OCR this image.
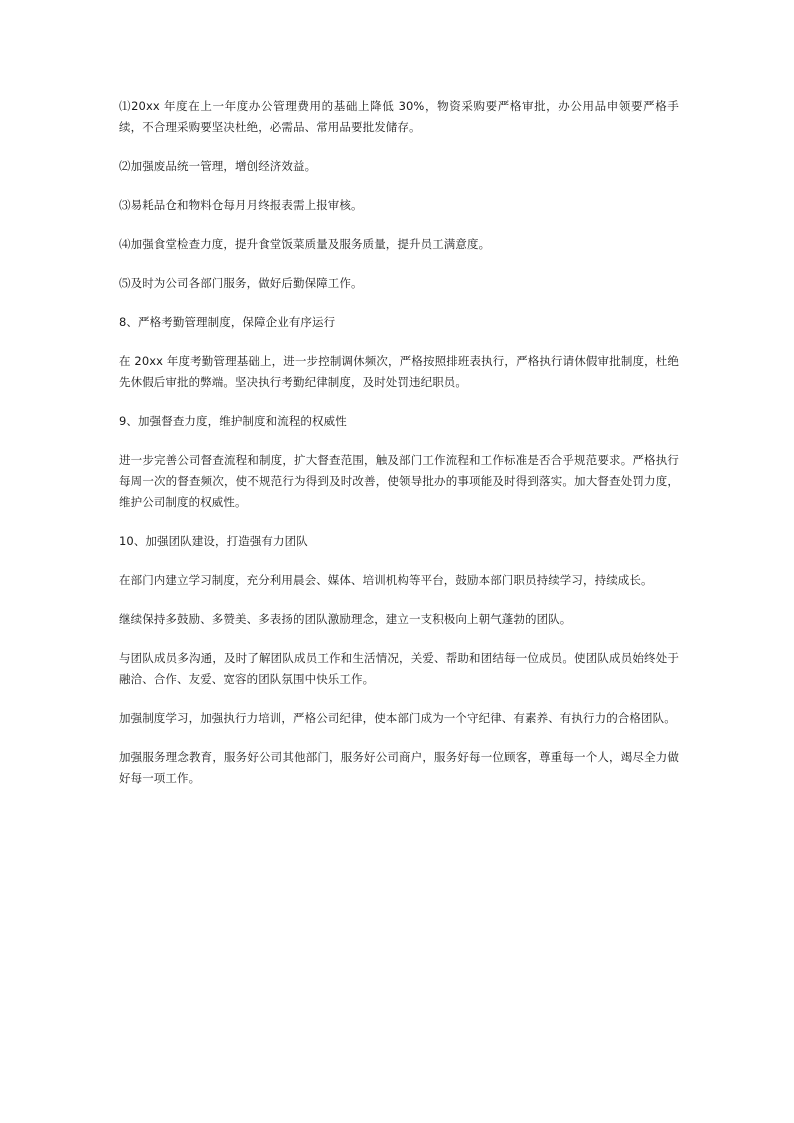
⑴20xx 年度在上一年度办公管理费用的基础上降低 30%，物资采购要严格审批，办公用品申领要严格手续，不合理采购要坚决杜绝，必需品、常用品要批发储存。

⑵加强废品统一管理，增创经济效益。

⑶易耗品仓和物料仓每月月终报表需上报审核。

⑷加强食堂检查力度，提升食堂饭菜质量及服务质量，提升员工满意度。

⑸及时为公司各部门服务，做好后勤保障工作。

8、严格考勤管理制度，保障企业有序运行

在 20xx 年度考勤管理基础上，进一步控制调休频次，严格按照排班表执行，严格执行请休假审批制度，杜绝先休假后审批的弊端。坚决执行考勤纪律制度，及时处罚违纪职员。

9、加强督查力度，维护制度和流程的权威性

进一步完善公司督查流程和制度，扩大督查范围，触及部门工作流程和工作标准是否合乎规范要求。严格执行每周一次的督查频次，使不规范行为得到及时改善，使领导批办的事项能及时得到落实。加大督查处罚力度，维护公司制度的权威性。

10、加强团队建设，打造强有力团队

在部门内建立学习制度，充分利用晨会、媒体、培训机构等平台，鼓励本部门职员持续学习，持续成长。

继续保持多鼓励、多赞美、多表扬的团队激励理念，建立一支积极向上朝气蓬勃的团队。

与团队成员多沟通，及时了解团队成员工作和生活情况，关爱、帮助和团结每一位成员。使团队成员始终处于融洽、合作、友爱、宽容的团队氛围中快乐工作。

加强制度学习，加强执行力培训，严格公司纪律，使本部门成为一个守纪律、有素养、有执行力的合格团队。

加强服务理念教育，服务好公司其他部门，服务好公司商户，服务好每一位顾客，尊重每一个人，竭尽全力做好每一项工作。
